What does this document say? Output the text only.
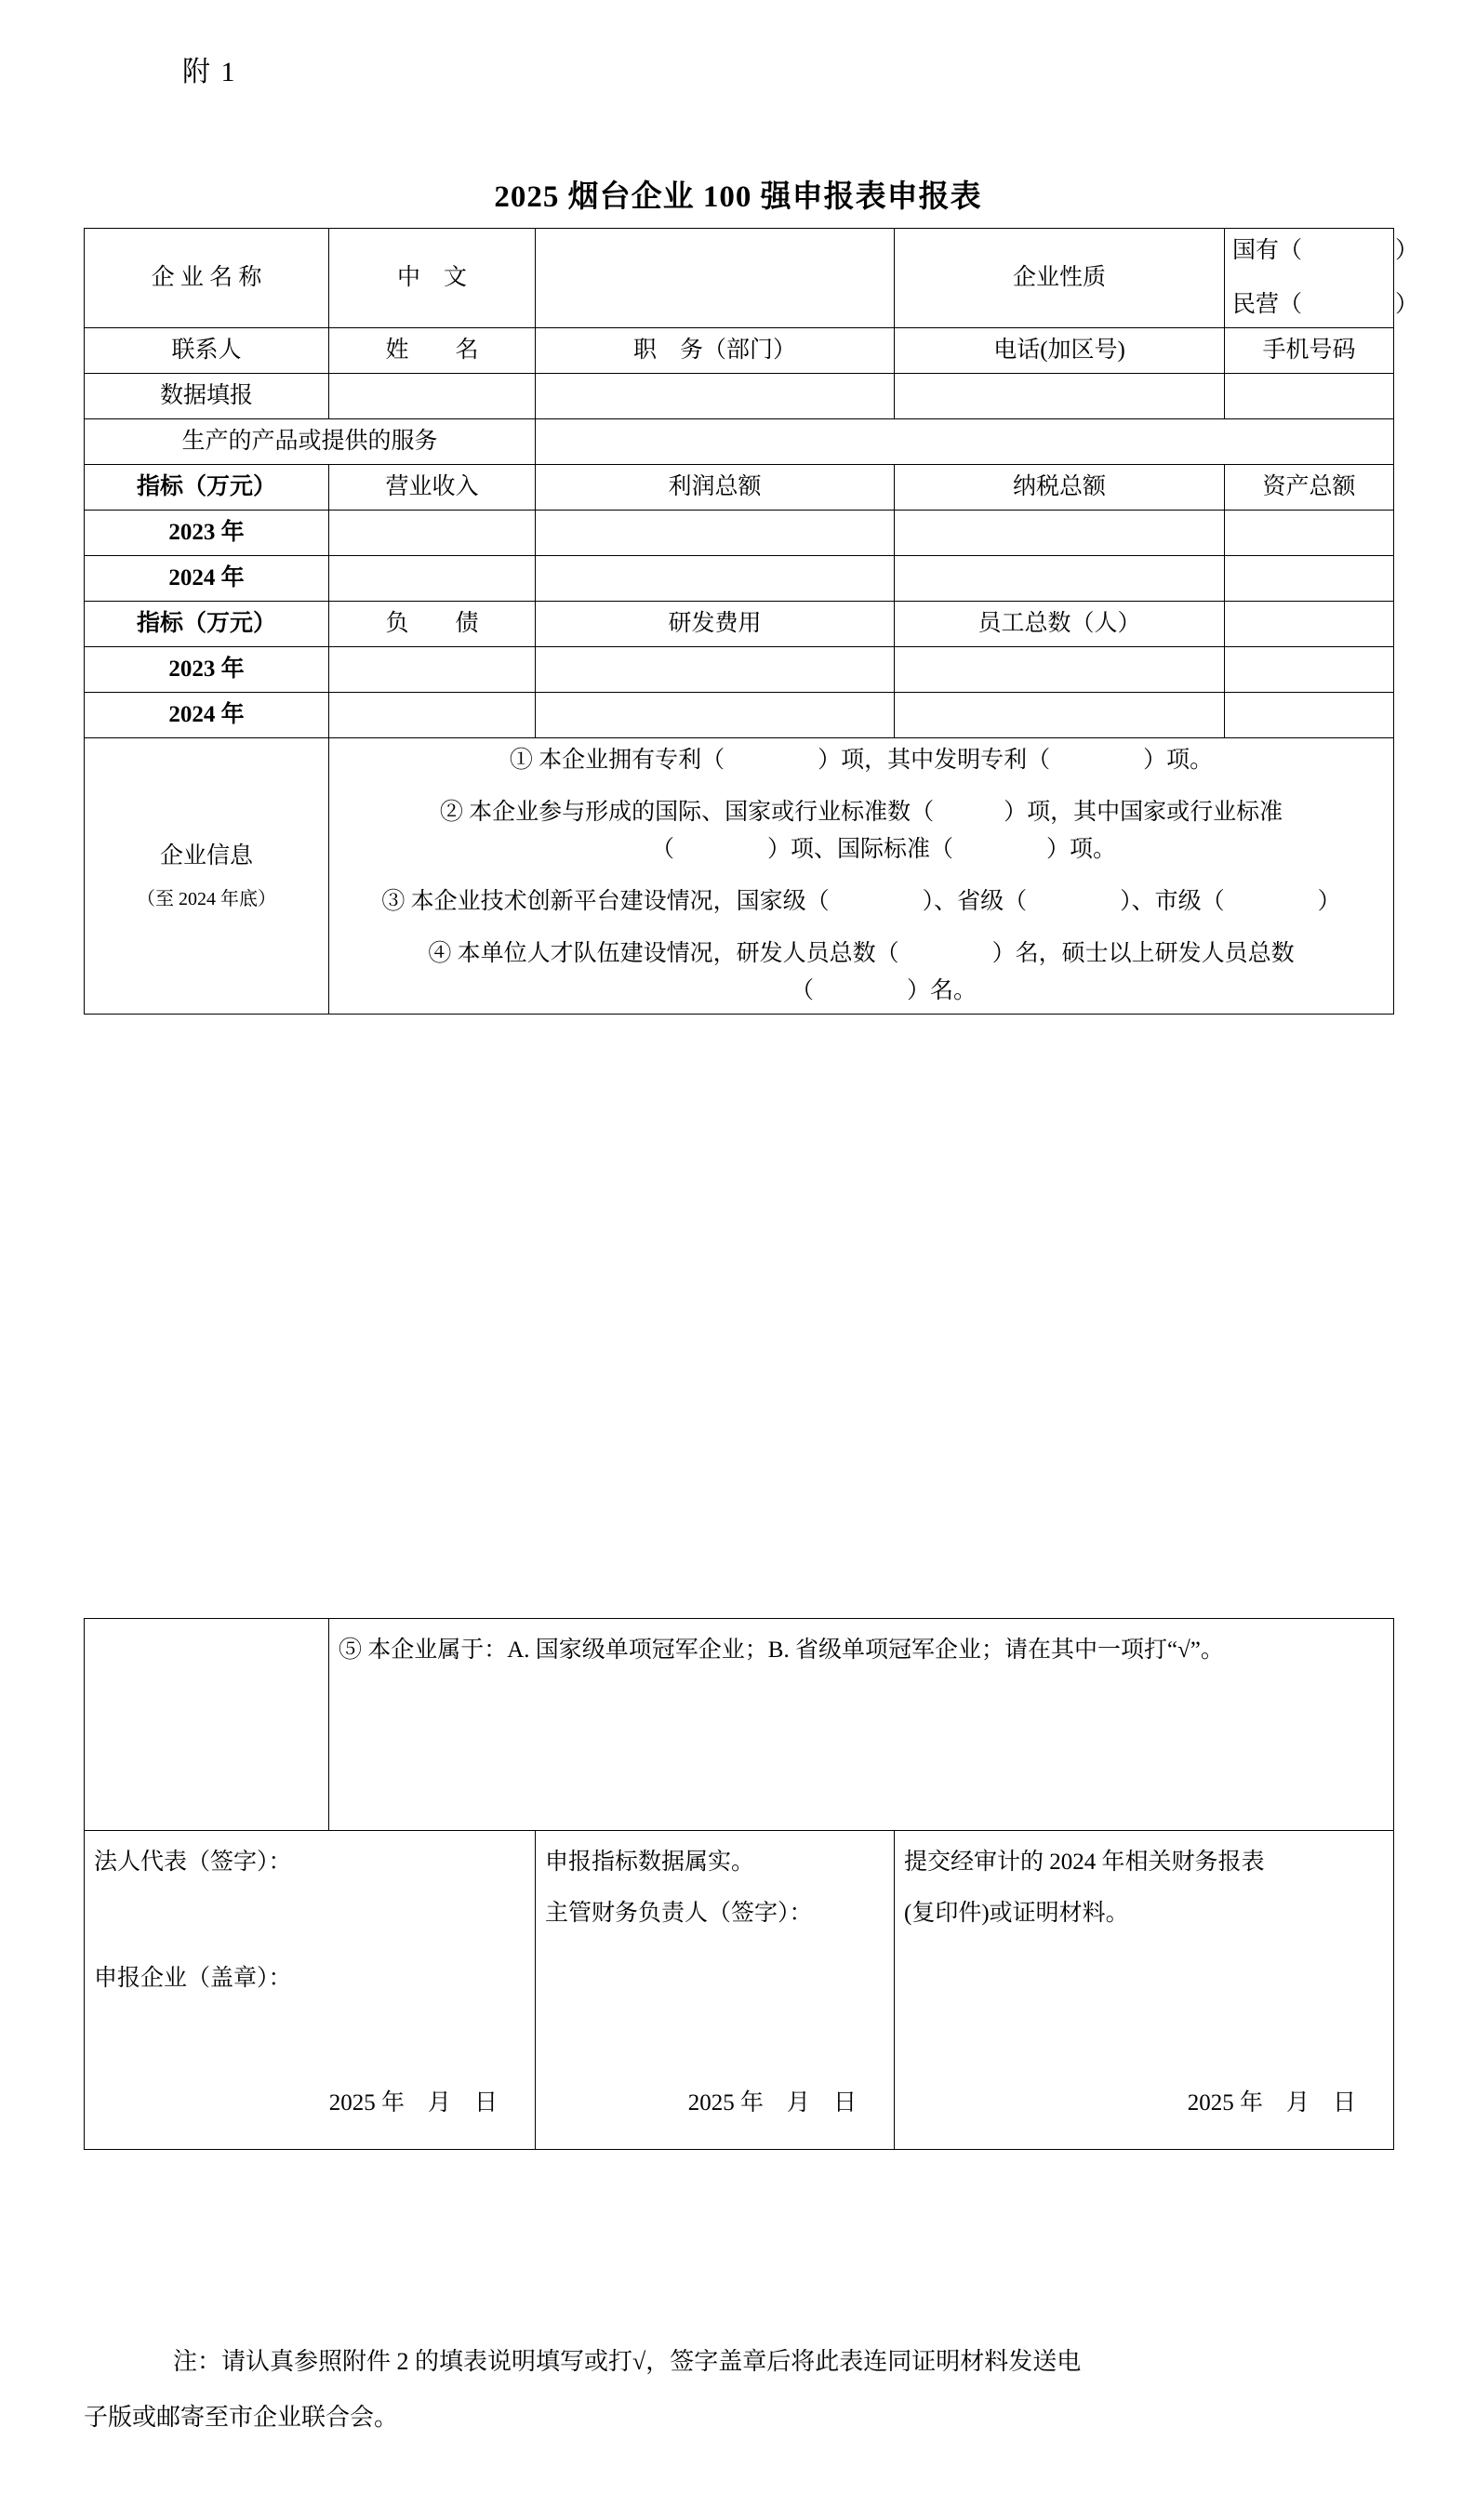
附 1
2025 烟台企业 100 强申报表申报表
企 业 名 称	中　文		企业性质	国有（　　　　）
民营（　　　　）

联系人	姓　　名	职　务（部门）	电话(加区号)	手机号码
数据填报				
生产的产品或提供的服务				
指标（万元）	营业收入	利润总额	纳税总额	资产总额
2023 年				
2024 年				
指标（万元）	负　　债	研发费用	员工总数（人）	
2023 年				
2024 年				
企业信息
（至 2024 年底）

① 本企业拥有专利（　　　　）项，其中发明专利（　　　　）项。
② 本企业参与形成的国际、国家或行业标准数（　　　）项，其中国家或行业标准
（　　　　）项、国际标准（　　　　）项。
③ 本企业技术创新平台建设情况，国家级（　　　　）、省级（　　　　）、市级（　　　　）
④ 本单位人才队伍建设情况，研发人员总数（　　　　）名，硕士以上研发人员总数
（　　　　）名。
	⑤ 本企业属于：A. 国家级单项冠军企业；B. 省级单项冠军企业；请在其中一项打“√”。		

法人代表（签字）：
申报企业（盖章）：
2025 年　月　日

申报指标数据属实。
主管财务负责人（签字）：
2025 年　月　日

提交经审计的 2024 年相关财务报表
(复印件)或证明材料。
2025 年　月　日
注：请认真参照附件 2 的填表说明填写或打√，签字盖章后将此表连同证明材料发送电
子版或邮寄至市企业联合会。
